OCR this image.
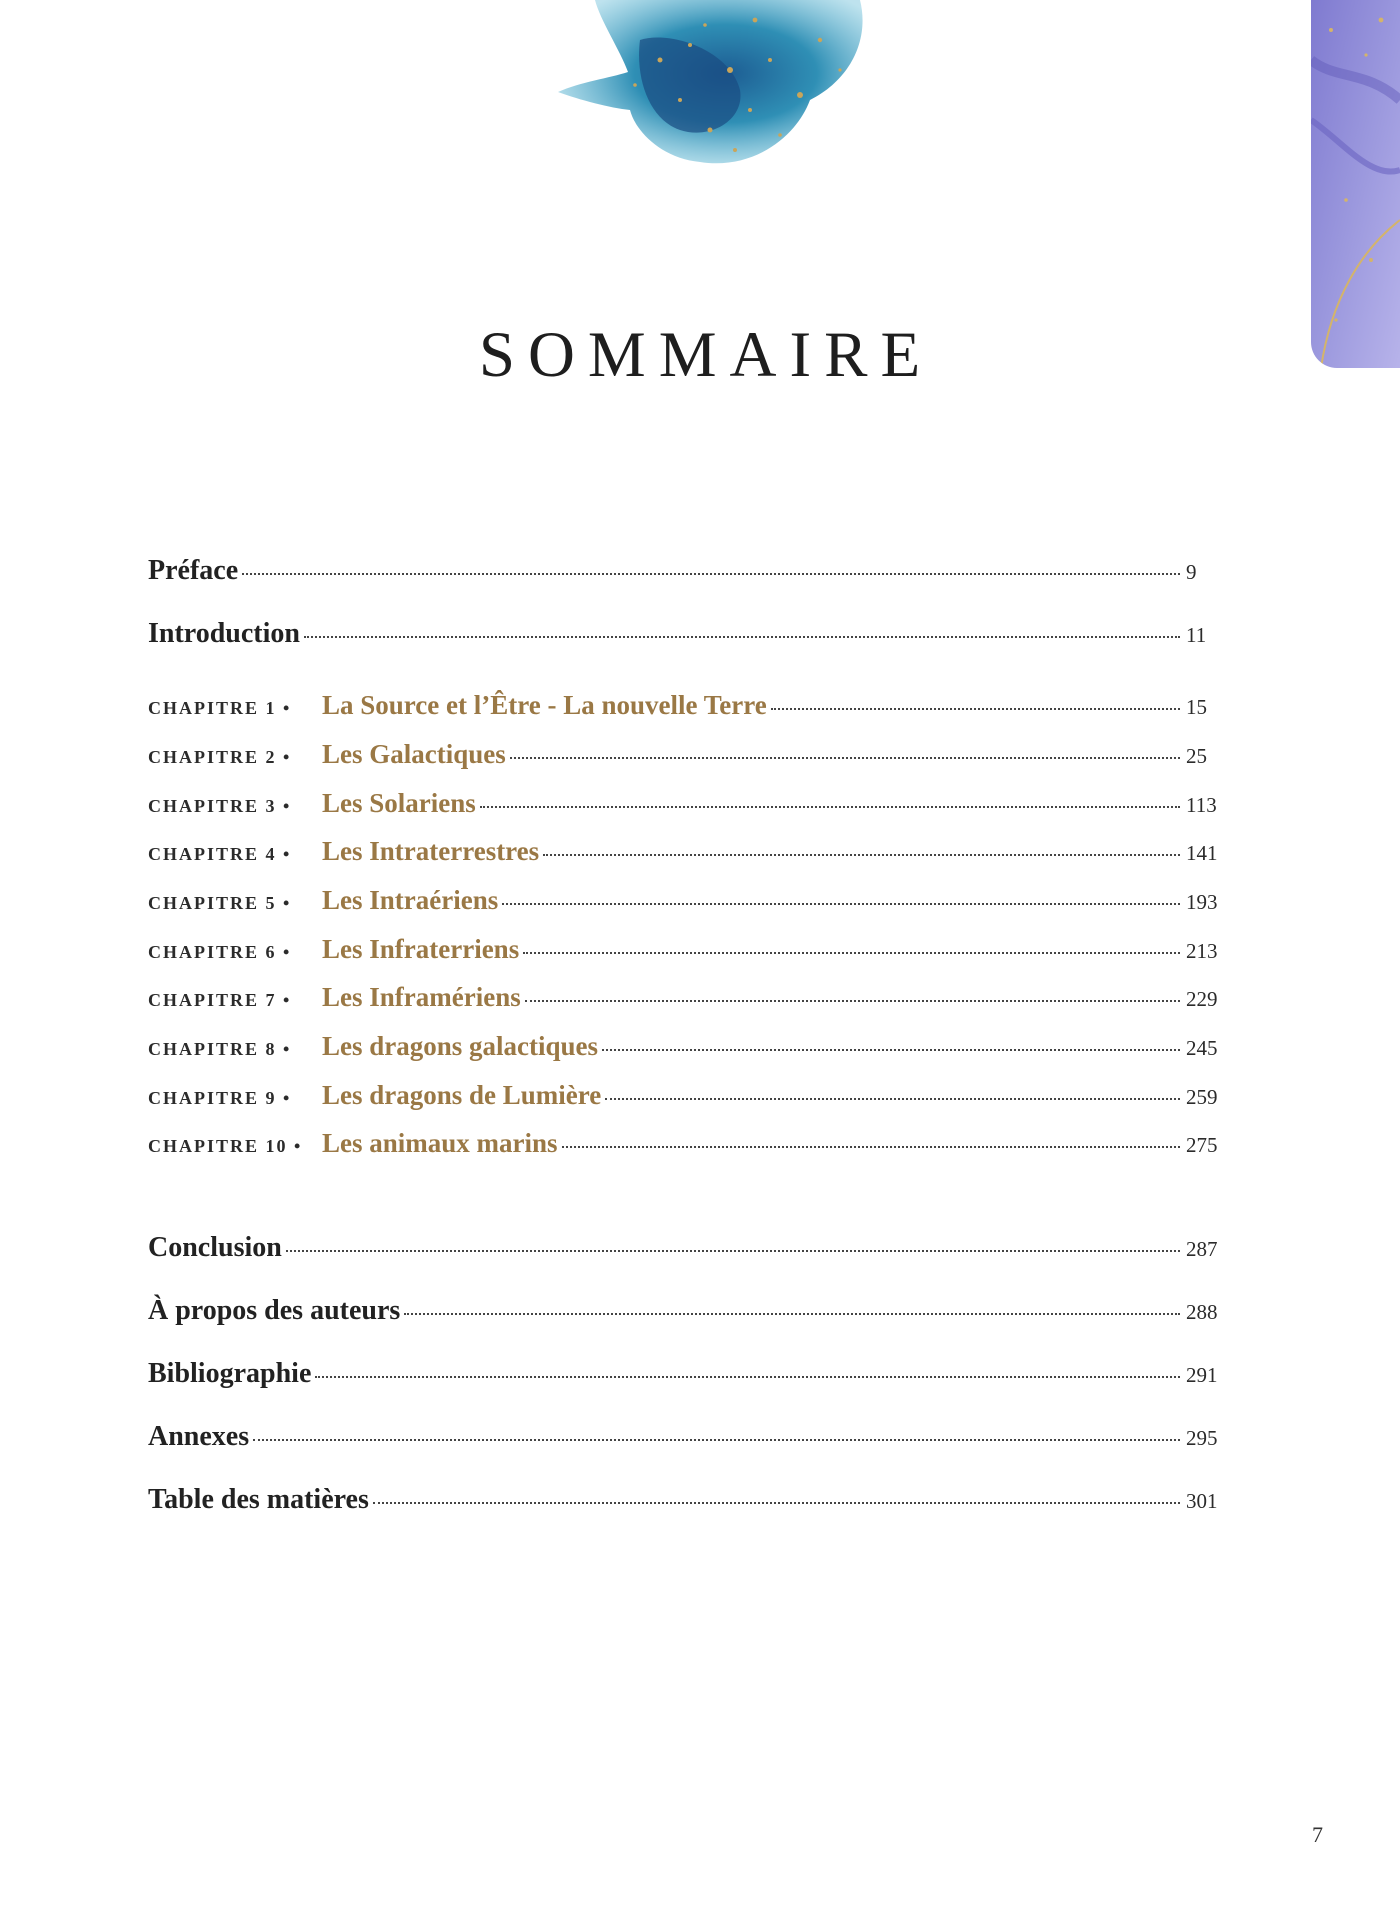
SOMMAIRE
Préface	9
Introduction	11
CHAPITRE 1 •	La Source et l’Être - La nouvelle Terre	15
CHAPITRE 2 •	Les Galactiques	25
CHAPITRE 3 •	Les Solariens	113
CHAPITRE 4 •	Les Intraterrestres	141
CHAPITRE 5 •	Les Intraériens	193
CHAPITRE 6 •	Les Infraterriens	213
CHAPITRE 7 •	Les Inframériens	229
CHAPITRE 8 •	Les dragons galactiques	245
CHAPITRE 9 •	Les dragons de Lumière	259
CHAPITRE 10 • Les animaux marins	275
Conclusion	287
À propos des auteurs	288
Bibliographie	291
Annexes	295
Table des matières	301
7
